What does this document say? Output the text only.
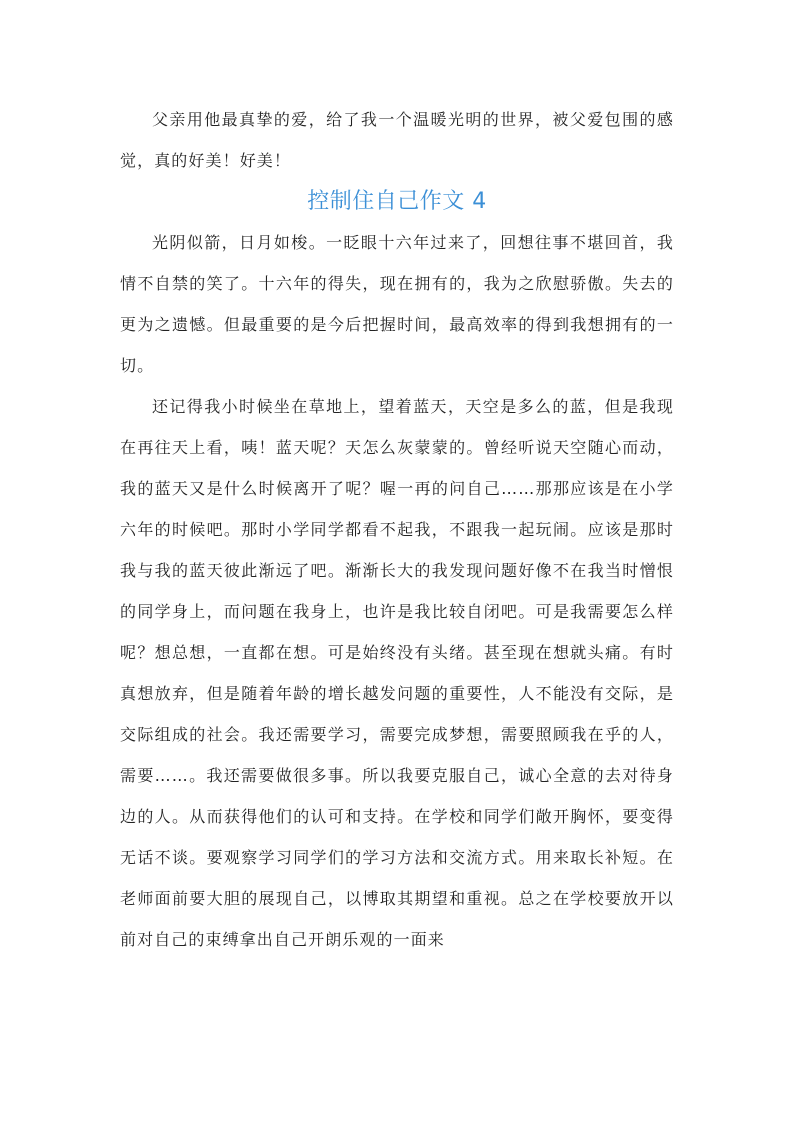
父亲用他最真挚的爱，给了我一个温暖光明的世界，被父爱包围的感觉，真的好美！好美！
控制住自己作文 4
光阴似箭，日月如梭。一眨眼十六年过来了，回想往事不堪回首，我情不自禁的笑了。十六年的得失，现在拥有的，我为之欣慰骄傲。失去的更为之遗憾。但最重要的是今后把握时间，最高效率的得到我想拥有的一切。
还记得我小时候坐在草地上，望着蓝天，天空是多么的蓝，但是我现在再往天上看，咦！蓝天呢？天怎么灰蒙蒙的。曾经听说天空随心而动，我的蓝天又是什么时候离开了呢？喔一再的问自己……那那应该是在小学六年的时候吧。那时小学同学都看不起我，不跟我一起玩闹。应该是那时我与我的蓝天彼此渐远了吧。渐渐长大的我发现问题好像不在我当时憎恨的同学身上，而问题在我身上，也许是我比较自闭吧。可是我需要怎么样呢？想总想，一直都在想。可是始终没有头绪。甚至现在想就头痛。有时真想放弃，但是随着年龄的增长越发问题的重要性，人不能没有交际，是交际组成的社会。我还需要学习，需要完成梦想，需要照顾我在乎的人，需要……。我还需要做很多事。所以我要克服自己，诚心全意的去对待身边的人。从而获得他们的认可和支持。在学校和同学们敞开胸怀，要变得无话不谈。要观察学习同学们的学习方法和交流方式。用来取长补短。在老师面前要大胆的展现自己，以博取其期望和重视。总之在学校要放开以前对自己的束缚拿出自己开朗乐观的一面来
